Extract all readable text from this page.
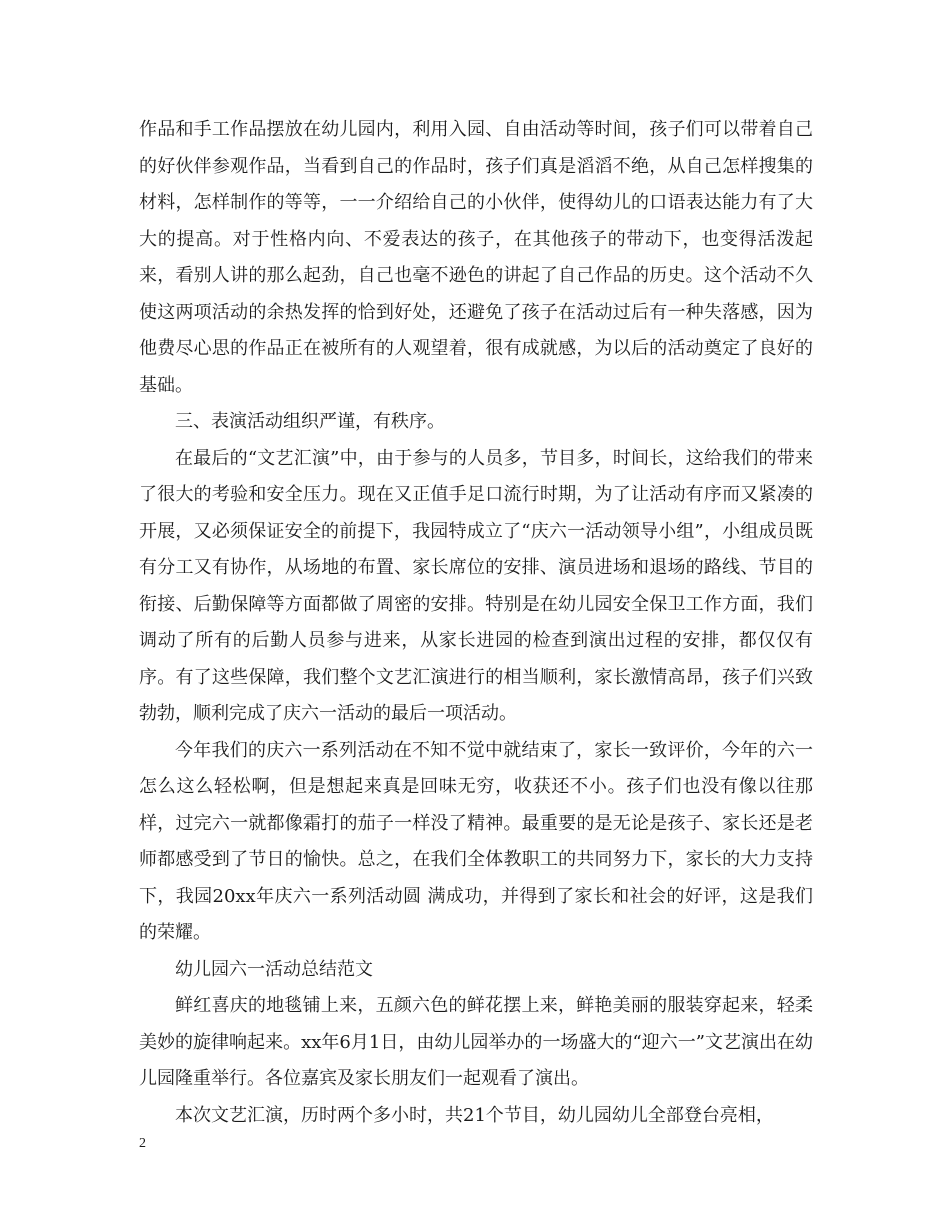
作品和手工作品摆放在幼儿园内，利用入园、自由活动等时间，孩子们可以带着自己的好伙伴参观作品，当看到自己的作品时，孩子们真是滔滔不绝，从自己怎样搜集的材料，怎样制作的等等，一一介绍给自己的小伙伴，使得幼儿的口语表达能力有了大大的提高。对于性格内向、不爱表达的孩子，在其他孩子的带动下，也变得活泼起来，看别人讲的那么起劲，自己也毫不逊色的讲起了自己作品的历史。这个活动不久使这两项活动的余热发挥的恰到好处，还避免了孩子在活动过后有一种失落感，因为他费尽心思的作品正在被所有的人观望着，很有成就感，为以后的活动奠定了良好的基础。

三、表演活动组织严谨，有秩序。

在最后的“文艺汇演”中，由于参与的人员多，节目多，时间长，这给我们的带来了很大的考验和安全压力。现在又正值手足口流行时期，为了让活动有序而又紧凑的开展，又必须保证安全的前提下，我园特成立了“庆六一活动领导小组”，小组成员既有分工又有协作，从场地的布置、家长席位的安排、演员进场和退场的路线、节目的衔接、后勤保障等方面都做了周密的安排。特别是在幼儿园安全保卫工作方面，我们调动了所有的后勤人员参与进来，从家长进园的检查到演出过程的安排，都仅仅有序。有了这些保障，我们整个文艺汇演进行的相当顺利，家长激情高昂，孩子们兴致勃勃，顺利完成了庆六一活动的最后一项活动。

今年我们的庆六一系列活动在不知不觉中就结束了，家长一致评价，今年的六一怎么这么轻松啊，但是想起来真是回味无穷，收获还不小。孩子们也没有像以往那样，过完六一就都像霜打的茄子一样没了精神。最重要的是无论是孩子、家长还是老师都感受到了节日的愉快。总之，在我们全体教职工的共同努力下，家长的大力支持下，我园20xx年庆六一系列活动圆 满成功，并得到了家长和社会的好评，这是我们的荣耀。

幼儿园六一活动总结范文

鲜红喜庆的地毯铺上来，五颜六色的鲜花摆上来，鲜艳美丽的服装穿起来，轻柔美妙的旋律响起来。xx年6月1日，由幼儿园举办的一场盛大的“迎六一”文艺演出在幼儿园隆重举行。各位嘉宾及家长朋友们一起观看了演出。

本次文艺汇演，历时两个多小时，共21个节目，幼儿园幼儿全部登台亮相，

2
